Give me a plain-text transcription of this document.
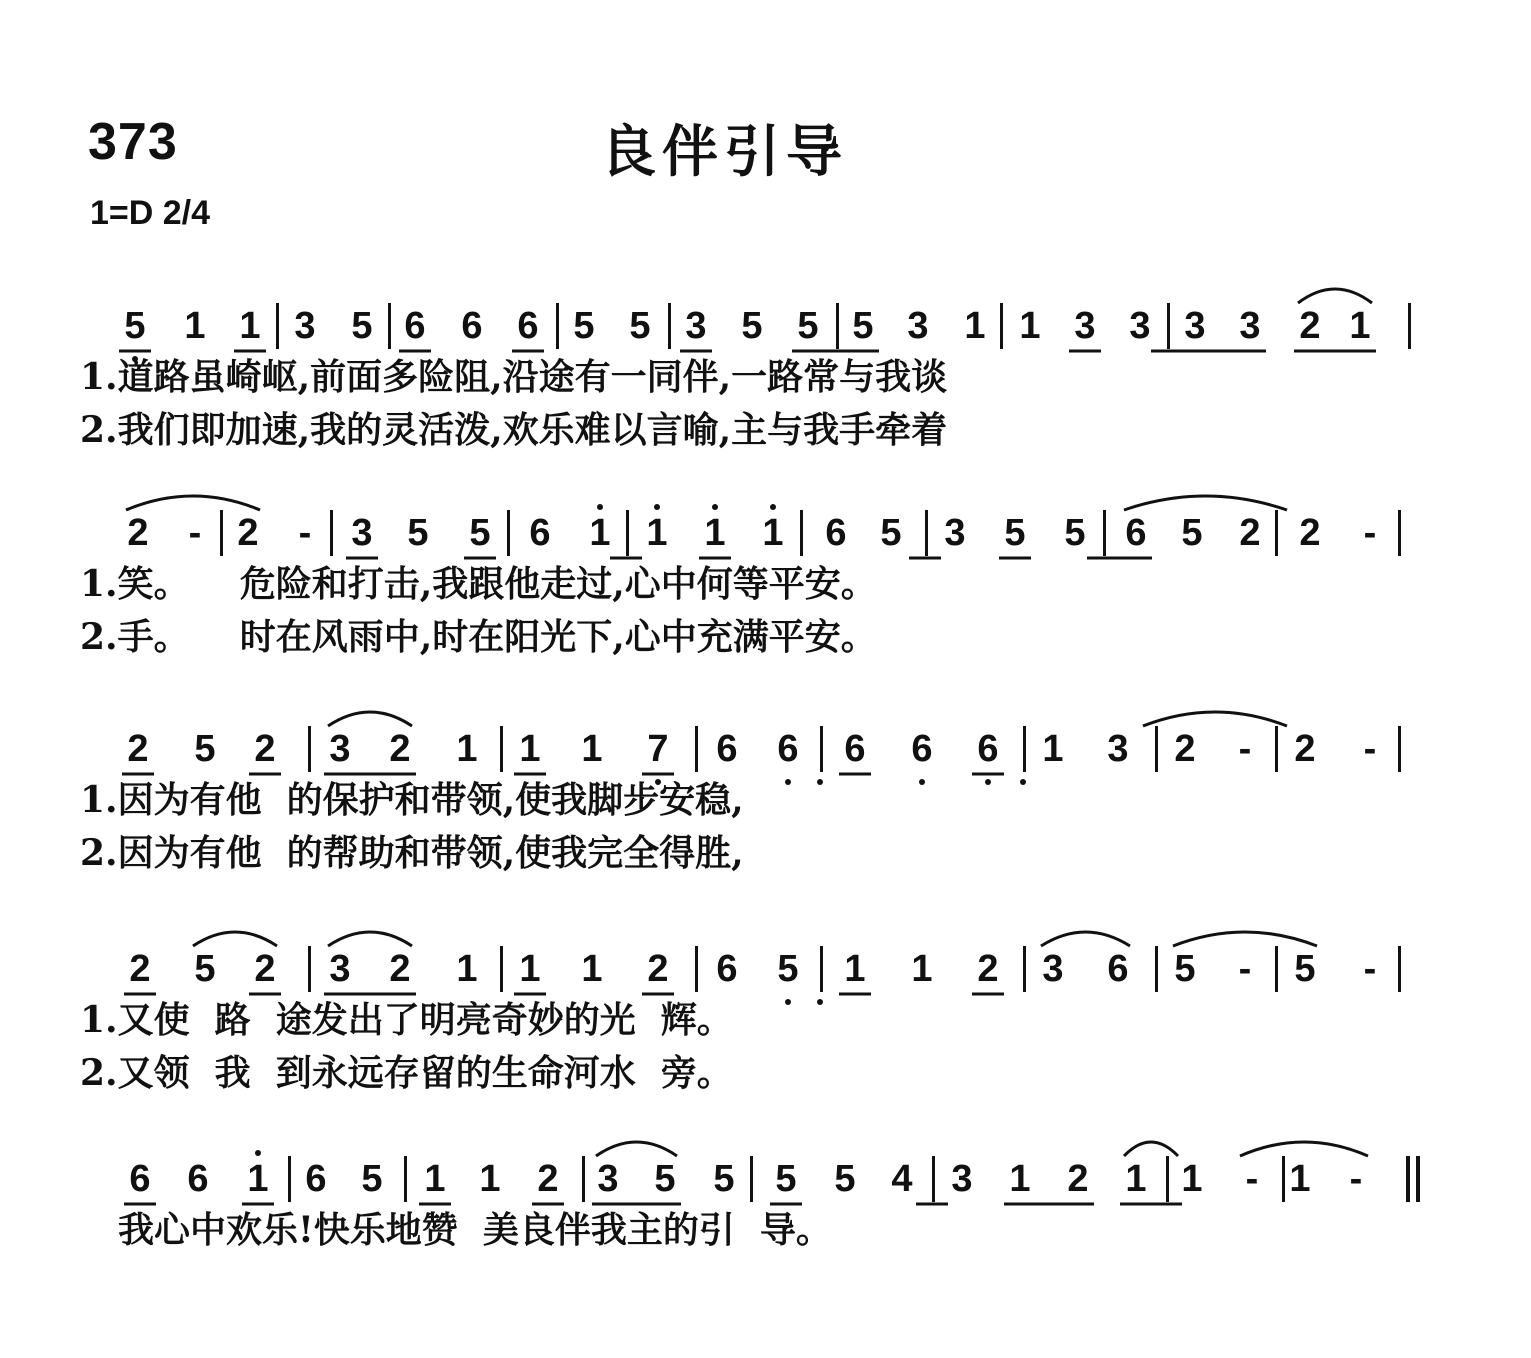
373	良伴引导
1=D 2/4
5	1 1 3 5 6 6 6 5 5 3 5 5 5 3 1 1 3 3 3 3	2 1
1.道路虽崎岖,前面多险阻,沿途有一同伴,一路常与我谈
2.我们即加速,我的灵活泼,欢乐难以言喻,主与我手牵着
2	- 2	-	3 5	5	6	1 1 1 1	6 5	3	5	5	6 5 2	2	-
1.笑。    危险和打击,我跟他走过,心中何等平安。
2.手。    时在风雨中,时在阳光下,心中充满平安。
2	5	2	3	2	1	1	1	7	6	6	6	6	6	1	3	2	-	2	-
1.因为有他  的保护和带领,使我脚步安稳,
2.因为有他  的帮助和带领,使我完全得胜,
2	5	2	3	2	1	1	1	2	6	5	1	1	2	3	6	5	-	5	-
1.又使  路  途发出了明亮奇妙的光  辉。
2.又领  我  到永远存留的生命河水  旁。
6 6	1 6 5	1 1 2	3 5 5	5 5 4	3 1 2 1 1	- 1	-
我心中欢乐!快乐地赞  美良伴我主的引  导。
